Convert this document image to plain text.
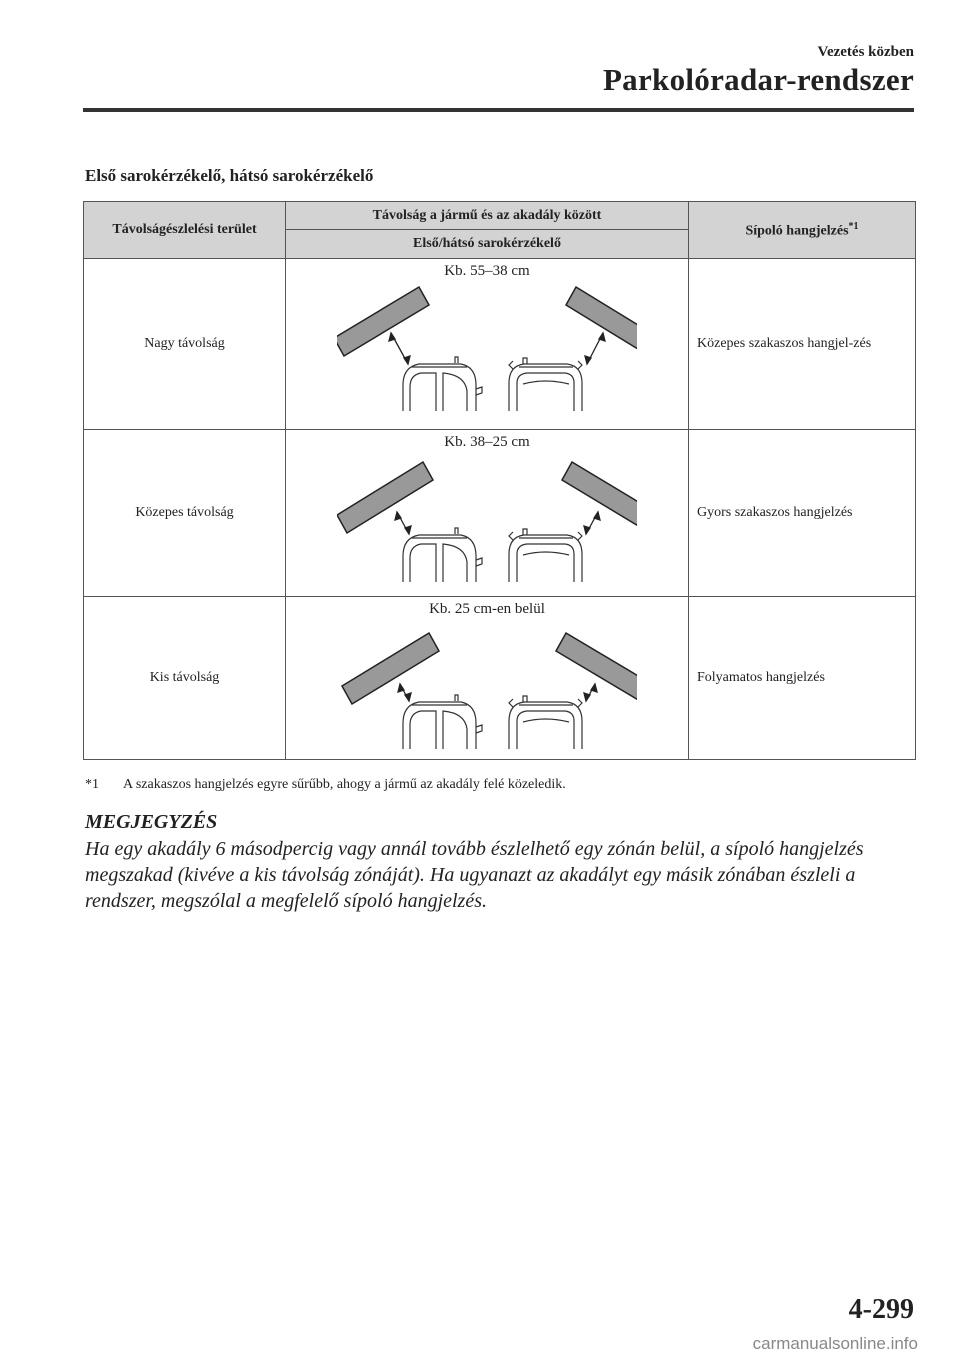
Vezetés közben
Parkolóradar-rendszer
Első sarokérzékelő, hátsó sarokérzékelő
Távolságészlelési terület	Távolság a jármű és az akadály között	Sípoló hangjelzés$^{*1}$
	Első/hátsó sarokérzékelő	
Nagy távolság	Kb. 55–38 cm	Közepes szakaszos hangjel-zés
Közepes távolság	Kb. 38–25 cm	Gyors szakaszos hangjelzés
Kis távolság	Kb. 25 cm-en belül	Folyamatos hangjelzés
*1 A szakaszos hangjelzés egyre sűrűbb, ahogy a jármű az akadály felé közeledik.
MEGJEGYZÉS
Ha egy akadály 6 másodpercig vagy annál tovább észlelhető egy zónán belül, a sípoló hangjelzés megszakad (kivéve a kis távolság zónáját). Ha ugyanazt az akadályt egy másik zónában észleli a rendszer, megszólal a megfelelő sípoló hangjelzés.
4-299
carmanualsonline.info
